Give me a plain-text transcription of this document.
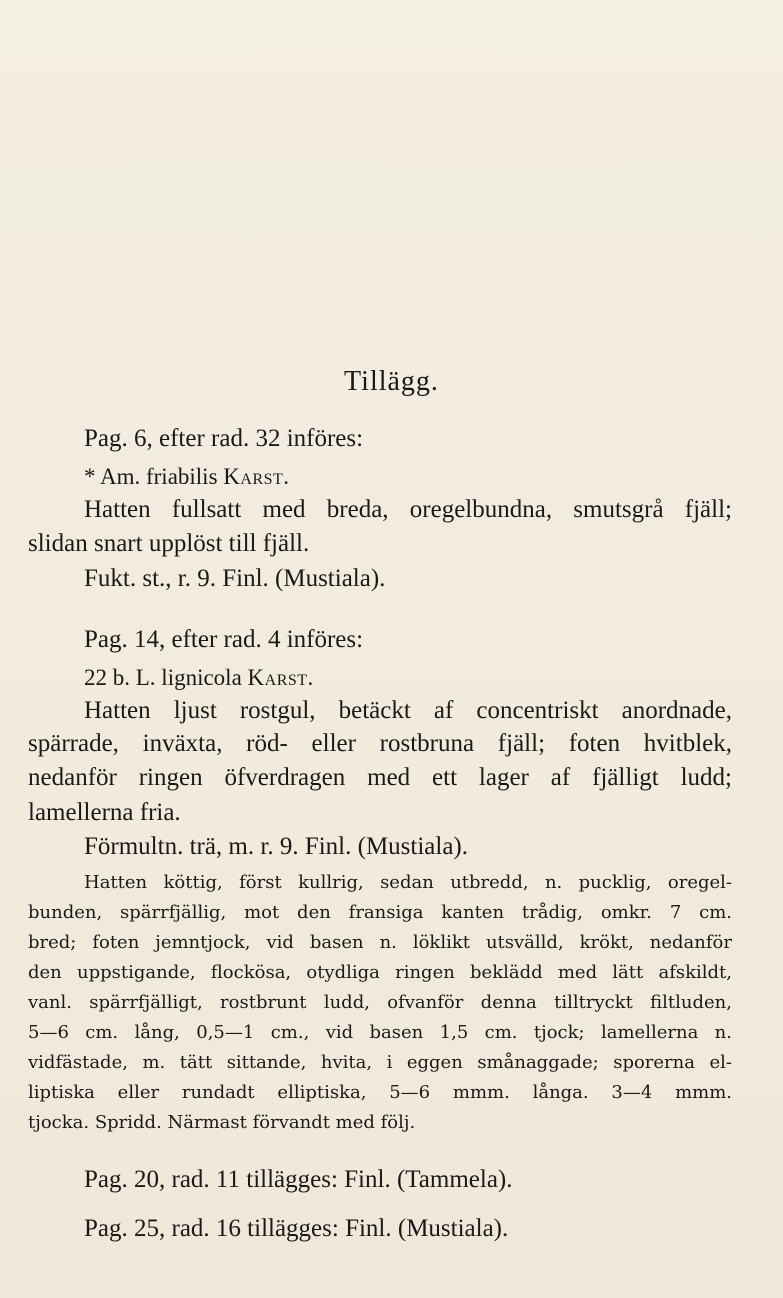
Tillägg.
Pag. 6, efter rad. 32 införes:
* Am. friabilis Karst.
Hatten fullsatt med breda, oregelbundna, smutsgrå fjäll;
slidan snart upplöst till fjäll.
Fukt. st., r. 9. Finl. (Mustiala).
Pag. 14, efter rad. 4 införes:
22 b. L. lignicola Karst.
Hatten ljust rostgul, betäckt af concentriskt anordnade,
spärrade, inväxta, röd- eller rostbruna fjäll; foten hvitblek,
nedanför ringen öfverdragen med ett lager af fjälligt ludd;
lamellerna fria.
Förmultn. trä, m. r. 9. Finl. (Mustiala).
Hatten köttig, först kullrig, sedan utbredd, n. pucklig, oregel-
bunden, spärrfjällig, mot den fransiga kanten trådig, omkr. 7 cm.
bred; foten jemntjock, vid basen n. löklikt utsvälld, krökt, nedanför
den uppstigande, flockösa, otydliga ringen beklädd med lätt afskildt,
vanl. spärrfjälligt, rostbrunt ludd, ofvanför denna tilltryckt filtluden,
5—6 cm. lång, 0,5—1 cm., vid basen 1,5 cm. tjock; lamellerna n.
vidfästade, m. tätt sittande, hvita, i eggen smånaggade; sporerna el-
liptiska eller rundadt elliptiska, 5—6 mmm. långa. 3—4 mmm.
tjocka. Spridd. Närmast förvandt med följ.
Pag. 20, rad. 11 tillägges: Finl. (Tammela).
Pag. 25, rad. 16 tillägges: Finl. (Mustiala).
